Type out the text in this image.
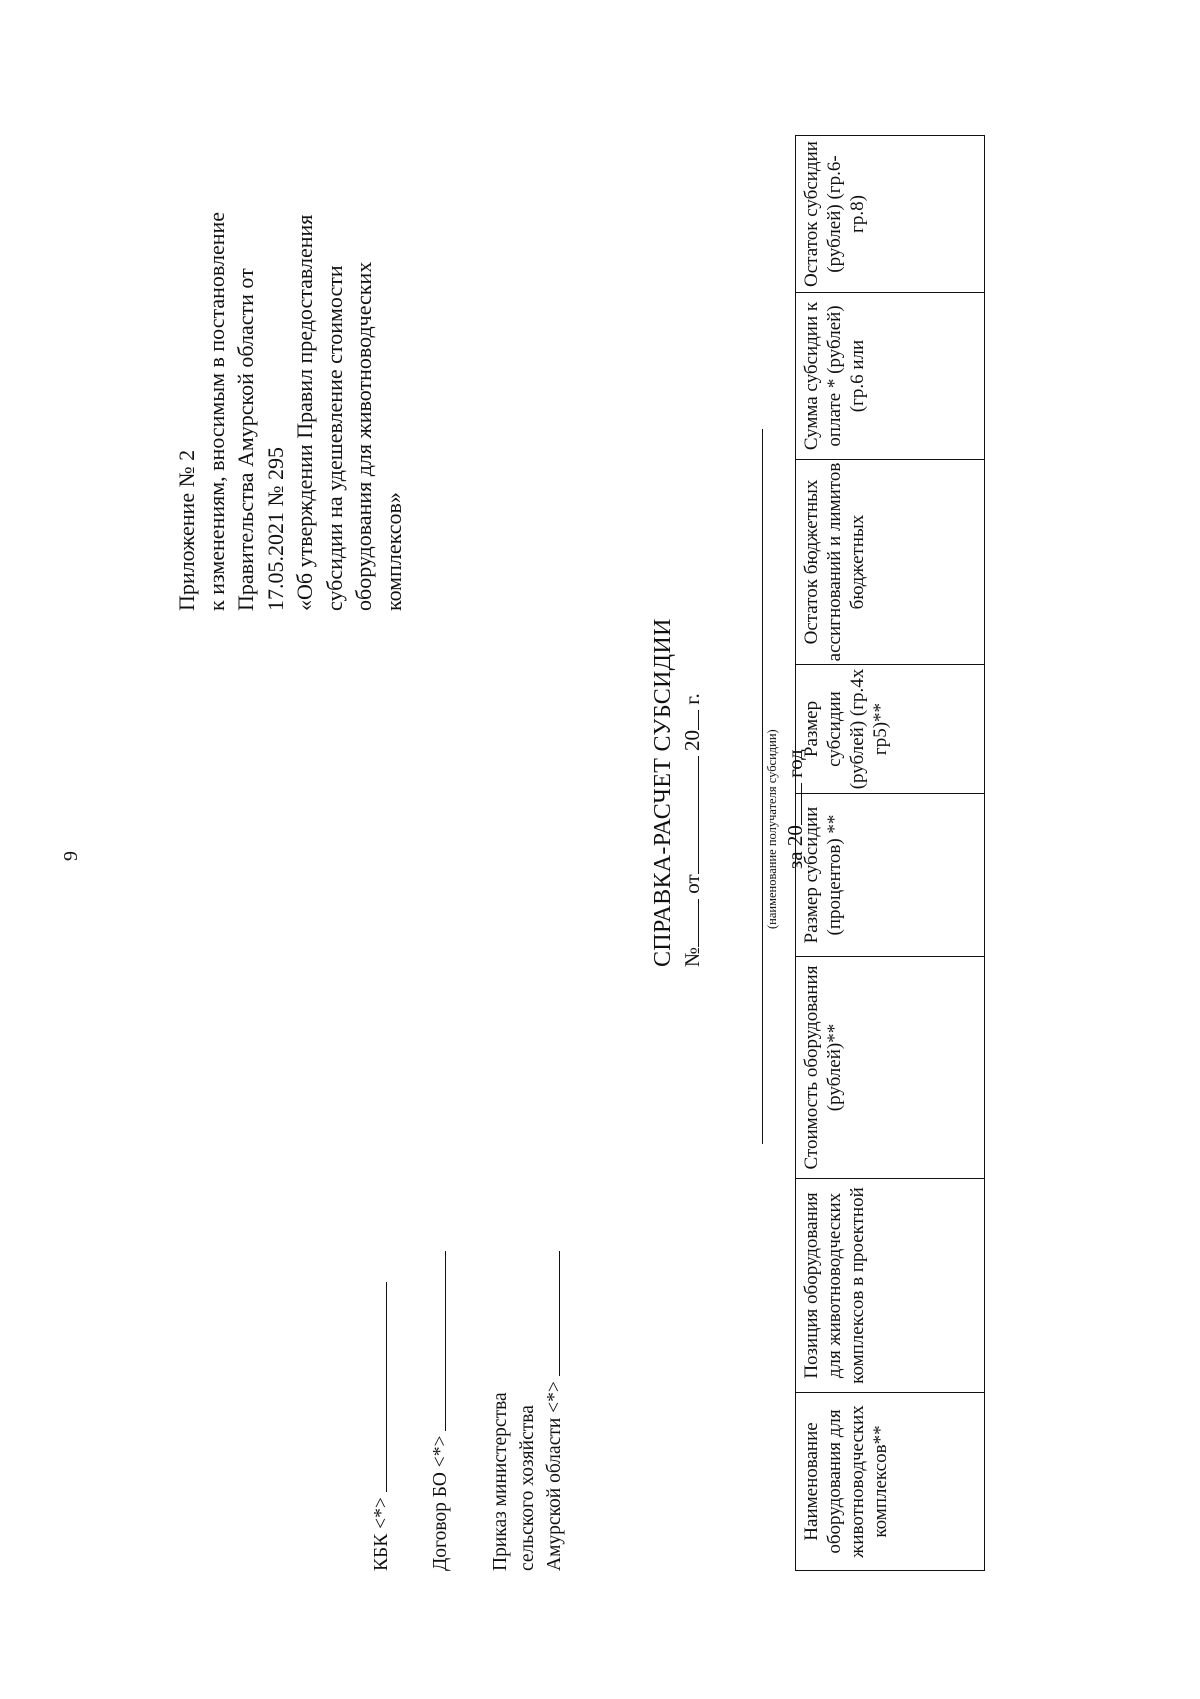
9
Приложение № 2 к изменениям, вносимым в постановление Правительства Амурской области от 17.05.2021 № 295 «Об утверждении Правил предоставления субсидии на удешевление стоимости оборудования для животноводческих комплексов»
КБК <*> Договор БО <*> Приказ министерства сельского хозяйства Амурской области <*>
СПРАВКА-РАСЧЕТ СУБСИДИИ № от 20 г.
(наименование получателя субсидии) за 20 год
Наименование оборудования для животноводческих комплексов**	Позиция оборудования для животноводческих комплексов в проектной	Стоимость оборудования (рублей)**	Размер субсидии (процентов) **	Размер субсидии (рублей) (гр.4х гр5)**	Остаток бюджетных ассигнований и лимитов бюджетных	Сумма субсидии к оплате * (рублей) (гр.6 или	Остаток субсидии (рублей) (гр.6- гр.8)
